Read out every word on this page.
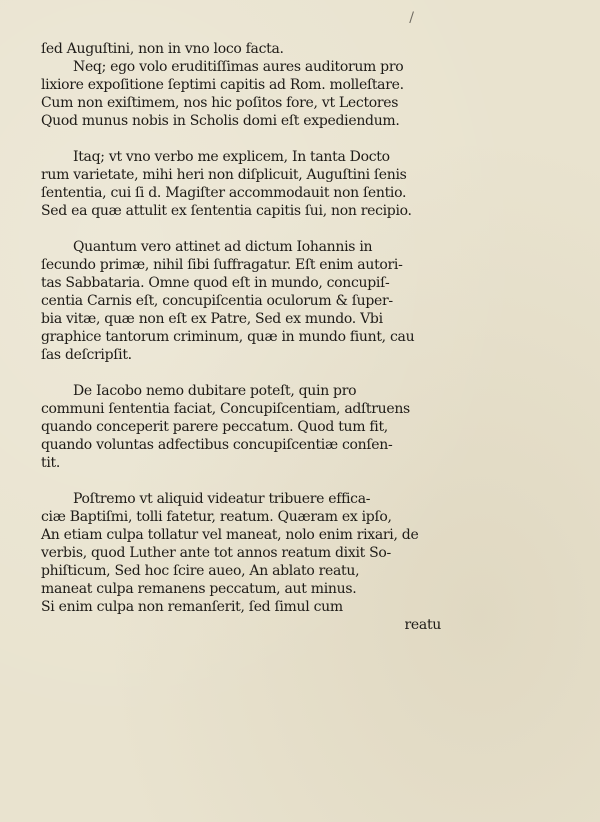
/
ſed Auguſtini, non in vno loco facta.
Neq; ego volo eruditiſſimas aures auditorum pro
lixiore expoſitione ſeptimi capitis ad Rom. molleſtare.
Cum non exiſtimem, nos hic poſitos fore, vt Lectores
Quod munus nobis in Scholis domi eſt expediendum.
Itaq; vt vno verbo me explicem, In tanta Docto
rum varietate, mihi heri non diſplicuit, Auguſtini ſenis
ſententia, cui ſi d. Magiſter accommodauit non ſentio.
Sed ea quæ attulit ex ſententia capitis ſui, non recipio.
Quantum vero attinet ad dictum Iohannis in
ſecundo primæ, nihil ſibi ſuffragatur. Eſt enim autori-
tas Sabbataria. Omne quod eſt in mundo, concupiſ-
centia Carnis eſt, concupiſcentia oculorum & ſuper-
bia vitæ, quæ non eſt ex Patre, Sed ex mundo. Vbi
graphice tantorum criminum, quæ in mundo fiunt, cau
ſas deſcripſit.
De Iacobo nemo dubitare poteſt, quin pro
communi ſententia faciat, Concupiſcentiam, adſtruens
quando conceperit parere peccatum. Quod tum fit,
quando voluntas adfectibus concupiſcentiæ conſen-
tit.
Poſtremo vt aliquid videatur tribuere effica-
ciæ Baptiſmi, tolli fatetur, reatum. Quæram ex ipſo,
An etiam culpa tollatur vel maneat, nolo enim rixari, de
verbis, quod Luther ante tot annos reatum dixit So-
phiſticum, Sed hoc ſcire aueo, An ablato reatu,
maneat culpa remanens peccatum, aut minus.
Si enim culpa non remanſerit, ſed ſimul cum
reatu
